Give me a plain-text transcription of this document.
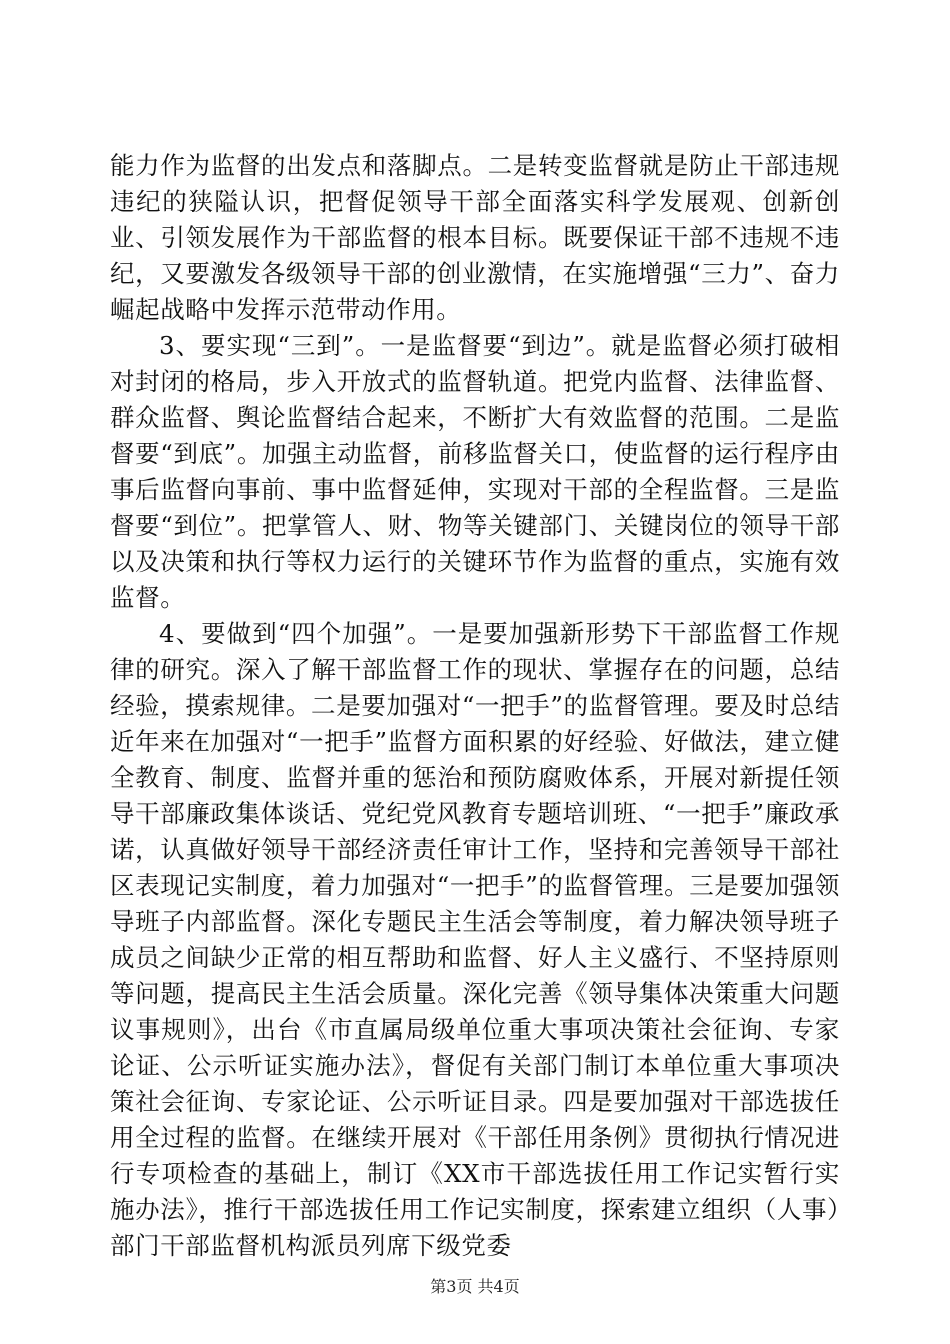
能力作为监督的出发点和落脚点。二是转变监督就是防止干部违规违纪的狭隘认识，把督促领导干部全面落实科学发展观、创新创业、引领发展作为干部监督的根本目标。既要保证干部不违规不违纪，又要激发各级领导干部的创业激情，在实施增强“三力”、奋力崛起战略中发挥示范带动作用。

3、要实现“三到”。一是监督要“到边”。就是监督必须打破相对封闭的格局，步入开放式的监督轨道。把党内监督、法律监督、群众监督、舆论监督结合起来，不断扩大有效监督的范围。二是监督要“到底”。加强主动监督，前移监督关口，使监督的运行程序由事后监督向事前、事中监督延伸，实现对干部的全程监督。三是监督要“到位”。把掌管人、财、物等关键部门、关键岗位的领导干部以及决策和执行等权力运行的关键环节作为监督的重点，实施有效监督。

4、要做到“四个加强”。一是要加强新形势下干部监督工作规律的研究。深入了解干部监督工作的现状、掌握存在的问题，总结经验，摸索规律。二是要加强对“一把手”的监督管理。要及时总结近年来在加强对“一把手”监督方面积累的好经验、好做法，建立健全教育、制度、监督并重的惩治和预防腐败体系，开展对新提任领导干部廉政集体谈话、党纪党风教育专题培训班、“一把手”廉政承诺，认真做好领导干部经济责任审计工作，坚持和完善领导干部社区表现记实制度，着力加强对“一把手”的监督管理。三是要加强领导班子内部监督。深化专题民主生活会等制度，着力解决领导班子成员之间缺少正常的相互帮助和监督、好人主义盛行、不坚持原则等问题，提高民主生活会质量。深化完善《领导集体决策重大问题议事规则》，出台《市直属局级单位重大事项决策社会征询、专家论证、公示听证实施办法》，督促有关部门制订本单位重大事项决策社会征询、专家论证、公示听证目录。四是要加强对干部选拔任用全过程的监督。在继续开展对《干部任用条例》贯彻执行情况进行专项检查的基础上，制订《XX市干部选拔任用工作记实暂行实施办法》，推行干部选拔任用工作记实制度，探索建立组织（人事）部门干部监督机构派员列席下级党委

第3页 共4页
